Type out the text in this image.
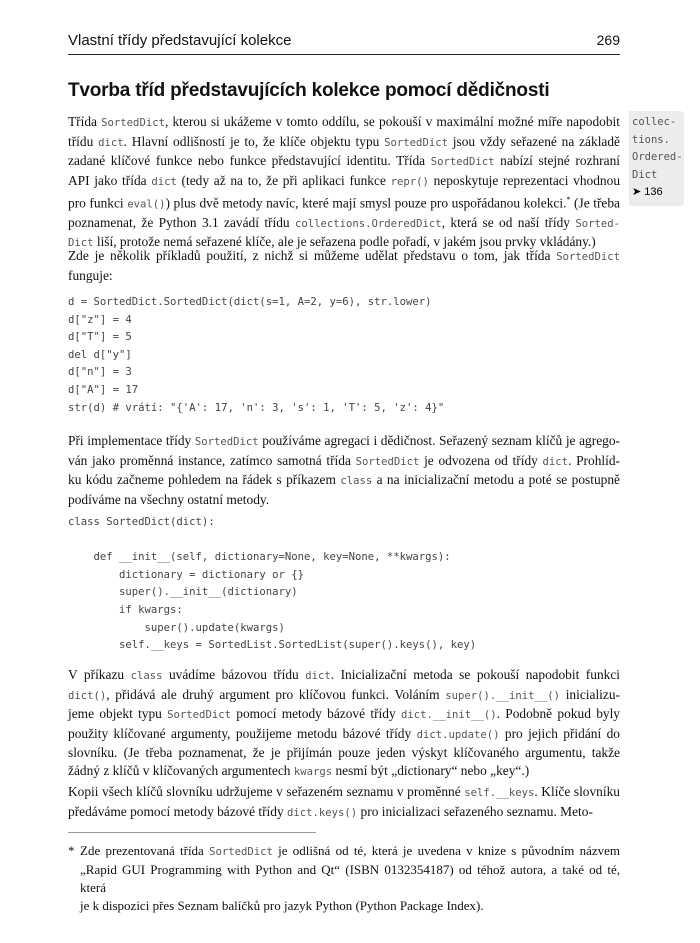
Vlastní třídy představující kolekce	269
Tvorba tříd představujících kolekce pomocí dědičnosti
collec-
tions.
Ordered-
Dict
➤ 136
Třída SortedDict, kterou si ukážeme v tomto oddílu, se pokouší v maximální možné míře napodobit
třídu dict. Hlavní odlišností je to, že klíče objektu typu SortedDict jsou vždy seřazené na základě
zadané klíčové funkce nebo funkce představující identitu. Třída SortedDict nabízí stejné rozhraní
API jako třída dict (tedy až na to, že při aplikaci funkce repr() neposkytuje reprezentaci vhodnou
pro funkci eval()) plus dvě metody navíc, které mají smysl pouze pro uspořádanou kolekci.* (Je třeba
poznamenat, že Python 3.1 zavádí třídu collections.OrderedDict, která se od naší třídy Sorted-
Dict liší, protože nemá seřazené klíče, ale je seřazena podle pořadí, v jakém jsou prvky vkládány.)
Zde je několik příkladů použití, z nichž si můžeme udělat představu o tom, jak třída SortedDict
funguje:
d = SortedDict.SortedDict(dict(s=1, A=2, y=6), str.lower)
d["z"] = 4
d["T"] = 5
del d["y"]
d["n"] = 3
d["A"] = 17
str(d) # vrátí: "{'A': 17, 'n': 3, 's': 1, 'T': 5, 'z': 4}"

Při implementace třídy SortedDict používáme agregaci i dědičnost. Seřazený seznam klíčů je agrego-
ván jako proměnná instance, zatímco samotná třída SortedDict je odvozena od třídy dict. Prohlíd-
ku kódu začneme pohledem na řádek s příkazem class a na inicializační metodu a poté se postupně
podíváme na všechny ostatní metody.
class SortedDict(dict):

def __init__(self, dictionary=None, key=None, **kwargs):
dictionary = dictionary or {}
super().__init__(dictionary)
if kwargs:
super().update(kwargs)
self.__keys = SortedList.SortedList(super().keys(), key)

V příkazu class uvádíme bázovou třídu dict. Inicializační metoda se pokouší napodobit funkci
dict(), přidává ale druhý argument pro klíčovou funkci. Voláním super().__init__() inicializu-
jeme objekt typu SortedDict pomocí metody bázové třídy dict.__init__(). Podobně pokud byly
použity klíčované argumenty, použijeme metodu bázové třídy dict.update() pro jejich přidání do
slovníku. (Je třeba poznamenat, že je přijímán pouze jeden výskyt klíčovaného argumentu, takže
žádný z klíčů v klíčovaných argumentech kwargs nesmí být „dictionary“ nebo „key“.)
Kopii všech klíčů slovníku udržujeme v seřazeném seznamu v proměnné self.__keys. Klíče slovníku
předáváme pomocí metody bázové třídy dict.keys() pro inicializaci seřazeného seznamu. Meto-
* Zde prezentovaná třída SortedDict je odlišná od té, která je uvedena v knize s původním názvem
„Rapid GUI Programming with Python and Qt“ (ISBN 0132354187) od téhož autora, a také od té, která
je k dispozici přes Seznam balíčků pro jazyk Python (Python Package Index).
